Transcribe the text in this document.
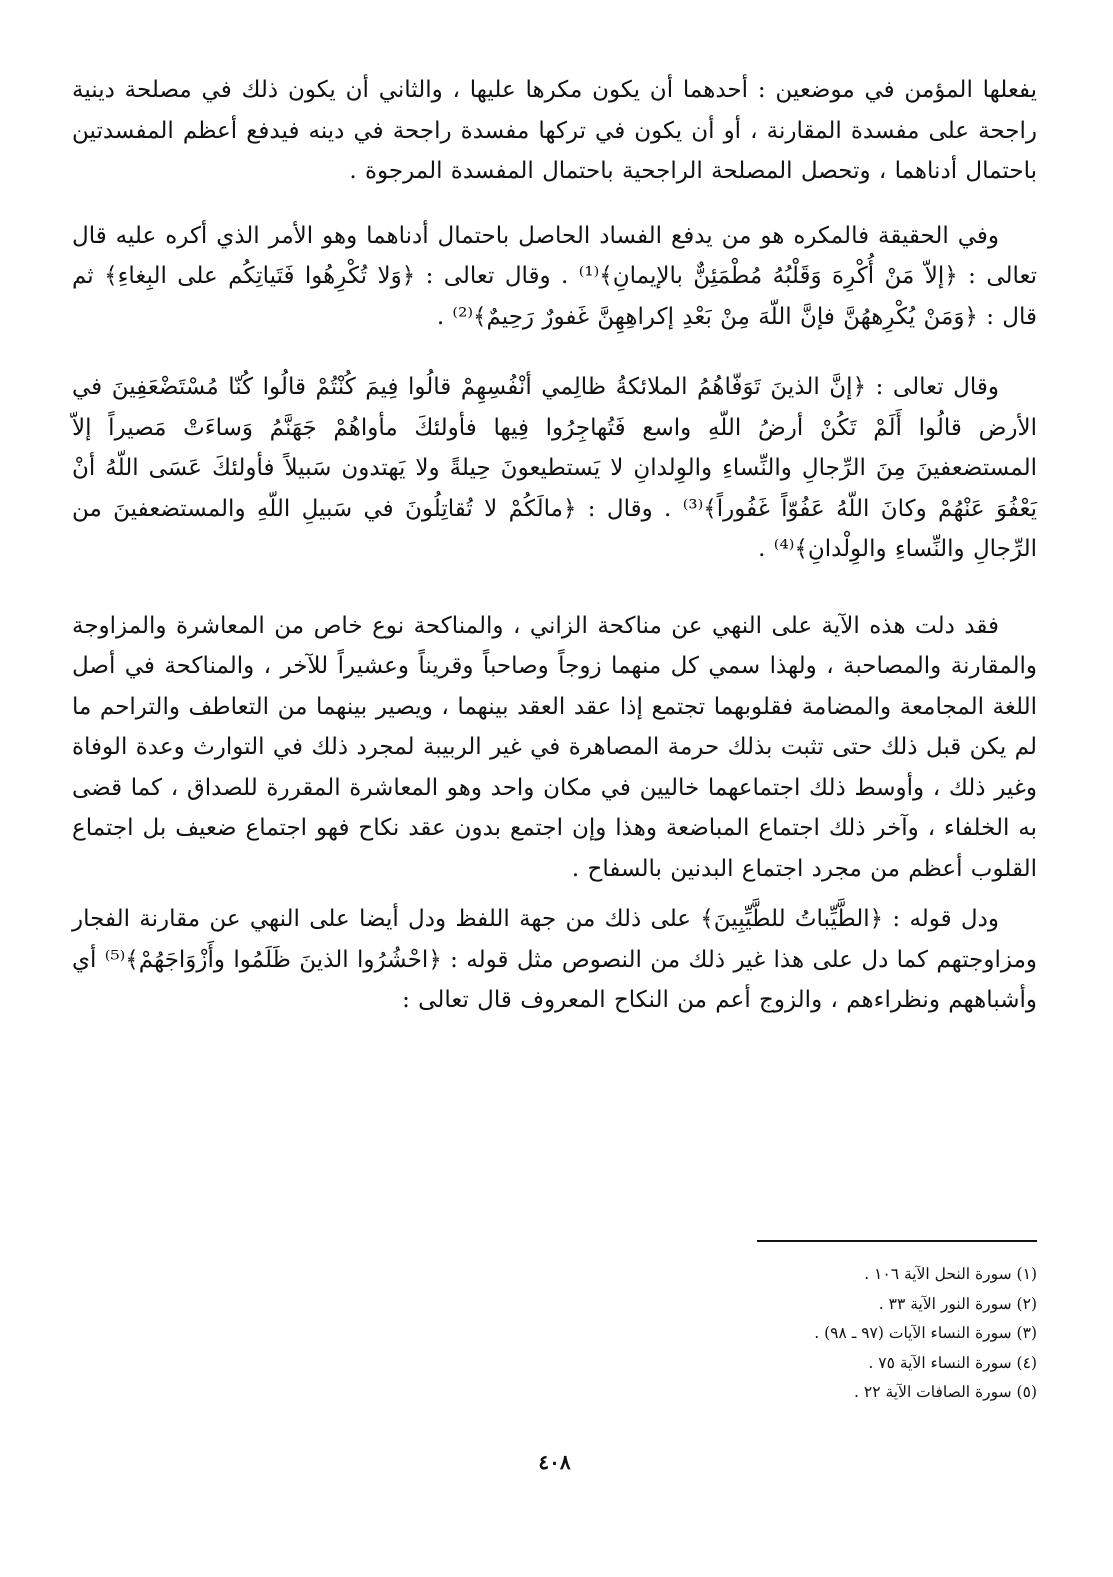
يفعلها المؤمن في موضعين : أحدهما أن يكون مكرها عليها ، والثاني أن يكون ذلك في مصلحة دينية راجحة على مفسدة المقارنة ، أو أن يكون في تركها مفسدة راجحة في دينه فيدفع أعظم المفسدتين باحتمال أدناهما ، وتحصل المصلحة الراجحية باحتمال المفسدة المرجوة .

وفي الحقيقة فالمكره هو من يدفع الفساد الحاصل باحتمال أدناهما وهو الأمر الذي أكره عليه قال تعالى : ﴿إلاّ مَنْ أُكْرِهَ وَقَلْبُهُ مُطْمَئِنٌّ بالإيمانِ﴾⁽¹⁾ . وقال تعالى : ﴿وَلا تُكْرِهُوا فَتَياتِكُم على البِغاءِ﴾ ثم قال : ﴿وَمَنْ يُكْرِههُنَّ فإنَّ اللّهَ مِنْ بَعْدِ إكراهِهِنَّ غَفورٌ رَحِيمٌ﴾⁽²⁾ .

وقال تعالى : ﴿إنَّ الذينَ تَوَفّاهُمُ الملائكةُ ظالِمي أنْفُسِهِمْ قالُوا فِيمَ كُنْتُمْ قالُوا كُنّا مُسْتَضْعَفِينَ في الأرض قالُوا أَلَمْ تَكُنْ أرضُ اللّهِ واسع فَتُهاجِرُوا فِيها فأولئكَ مأواهُمْ جَهَنَّمُ وَساءَتْ مَصيراً إلاّ المستضعفينَ مِنَ الرِّجالِ والنِّساءِ والوِلدانِ لا يَستطيعونَ حِيلةً ولا يَهتدون سَبيلاً فأولئكَ عَسَى اللّهُ أنْ يَعْفُوَ عَنْهُمْ وكانَ اللّهُ عَفُوّاً غَفُوراً﴾⁽³⁾ . وقال : ﴿مالَكُمْ لا تُقاتِلُونَ في سَبيلِ اللّهِ والمستضعفينَ من الرِّجالِ والنِّساءِ والوِلْدانِ﴾⁽⁴⁾ .

فقد دلت هذه الآية على النهي عن مناكحة الزاني ، والمناكحة نوع خاص من المعاشرة والمزاوجة والمقارنة والمصاحبة ، ولهذا سمي كل منهما زوجاً وصاحباً وقريناً وعشيراً للآخر ، والمناكحة في أصل اللغة المجامعة والمضامة فقلوبهما تجتمع إذا عقد العقد بينهما ، ويصير بينهما من التعاطف والتراحم ما لم يكن قبل ذلك حتى تثبت بذلك حرمة المصاهرة في غير الربيبة لمجرد ذلك في التوارث وعدة الوفاة وغير ذلك ، وأوسط ذلك اجتماعهما خاليين في مكان واحد وهو المعاشرة المقررة للصداق ، كما قضى به الخلفاء ، وآخر ذلك اجتماع المباضعة وهذا وإن اجتمع بدون عقد نكاح فهو اجتماع ضعيف بل اجتماع القلوب أعظم من مجرد اجتماع البدنين بالسفاح .

ودل قوله : ﴿الطَّيِّباتُ للطَّيِّبِينَ﴾ على ذلك من جهة اللفظ ودل أيضا على النهي عن مقارنة الفجار ومزاوجتهم كما دل على هذا غير ذلك من النصوص مثل قوله : ﴿احْشُرُوا الذينَ ظَلَمُوا وأَزْوَاجَهُمْ﴾⁽⁵⁾ أي وأشباههم ونظراءهم ، والزوج أعم من النكاح المعروف قال تعالى :

(١) سورة النحل الآية ١٠٦ .
(٢) سورة النور الآية ٣٣ .
(٣) سورة النساء الآيات (٩٧ ـ ٩٨) .
(٤) سورة النساء الآية ٧٥ .
(٥) سورة الصافات الآية ٢٢ .
٤٠٨
